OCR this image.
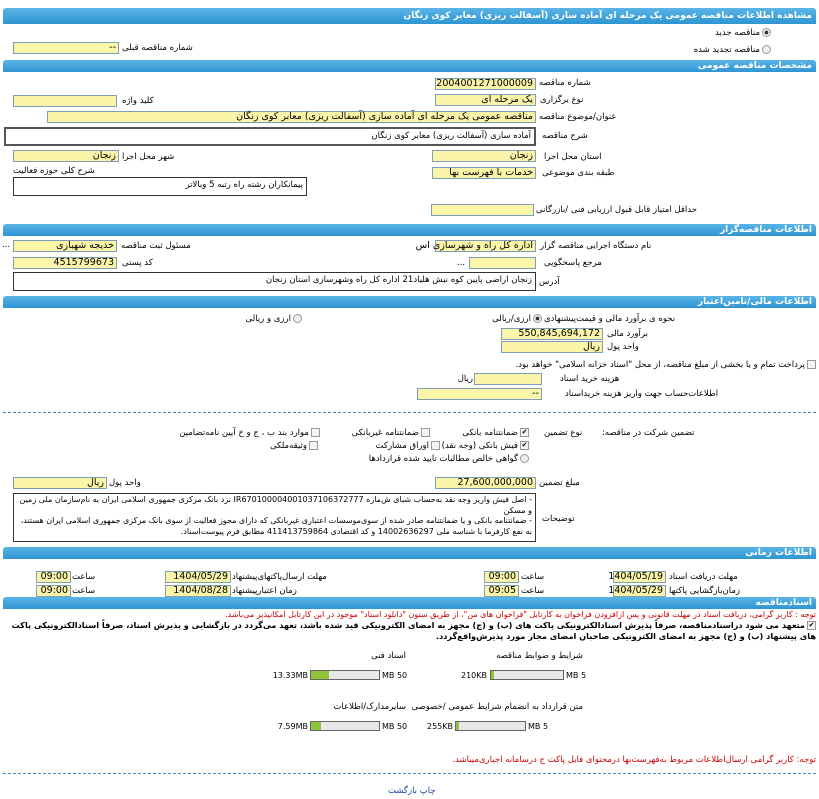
مشاهده اطلاعات مناقصه عمومی یک مرحله ای آماده سازی (آسفالت ریزی) معابر کوی زنگان
مناقصه جدید
مناقصه تجدید شده
شماره مناقصه قبلی
--
مشخصات مناقصه عمومی
شماره مناقصه
2004001271000009
نوع برگزاری
یک مرحله ای
کلید واژه
عنوان/موضوع مناقصه
مناقصه عمومی یک مرحله ای آماده سازی (آسفالت ریزی) معابر کوی زنگان
شرح مناقصه
آماده سازی (آسفالت ریزی) معابر کوی زنگان
استان محل اجرا
زنجان
شهر محل اجرا
زنجان
طبقه بندی موضوعی
خدمات با فهرست بها
شرح کلی حوزه فعالیت
پیمانکاران رشته راه رتبه 5 وبالاتر
حداقل امتیاز قابل قبول ارزیابی فنی /بازرگانی
اطلاعات مناقصه‌گزار
نام دستگاه اجرایی مناقصه گزار
اداره کل راه و شهرسازی اس
مسئول ثبت مناقصه
خدیجه شهبازی
...
مرجع پاسخگویی
...
کد پستی
4515799673
آدرس
زنجان اراضی پایین کوه نبش هلیاد21 اداره کل راه وشهرسازی استان زنجان
اطلاعات مالی/تامین‌اعتبار
نحوه ی برآورد مالی و قیمت‌پیشنهادی
ارزی/ریالی
ارزی و ریالی
برآورد مالی
550,845,694,172
واحد پول
ریال
پرداخت تمام و یا بخشی از مبلغ مناقصه، از محل "اسناد خزانه اسلامی" خواهد بود.
هزینه خرید اسناد
ریال
اطلاعات‌حساب جهت واریز هزینه خریداسناد
--
تضمین شرکت در مناقصه:
نوع تضمین
✔ضمانتنامه بانکی
ضمانتنامه غیربانکی
موارد بند ب ، ج و خ آیین نامه‌تضامین
✔فیش بانکی (وجه نقد)
اوراق مشارکت
وثیقه‌ملکی
گواهی خالص مطالبات تایید شده قراردادها
مبلغ تضمین
27,600,000,000
واحد پول
ریال
توضیحات
- اصل فیش واریز وجه نقد به‌حساب شبای ش‌ماره IR670100004001037106372777 نزد بانک مرکزی جمهوری اسلامی ایران به نام‌سازمان ملی زمین و مسکن
- ضمانتنامه بانکی و یا ضمانتنامه صادر شده از سوی‌موسسات اعتباری غیربانکی که دارای مجوز فعالیت از سوی بانک مرکزی جمهوری اسلامی ایران هستند، به نفع کارفرما با شناسه ملی 14002636297 و کد اقتصادی 411413759864 مطابق فرم پیوست‌اسناد.
اطلاعات زمانی
مهلت دریافت اسناد
1404/05/19
ساعت
09:00
مهلت ارسال‌پاکتهای‌پیشنهاد
1404/05/29
ساعت
09:00
زمان‌بازگشایی پاکتها
1404/05/29
ساعت
09:05
زمان اعتبارپیشنهاد
1404/08/28
ساعت
09:00
اسنادمناقصه
توجه : کاربر گرامی، دریافت اسناد در مهلت قانونی و پس ازافزودن فراخوان به کارتابل "فراخوان های من"، از طریق ستون "دانلود اسناد" موجود در این کارتابل امکانپذیر می‌باشد.
✔متعهد می شود دراسنادمناقصه، صرفاً پذیرش اسنادالکترونیکی پاکت های (ب) و (ج) مجهز به امضای الکترونیکی قید شده باشد، تعهد می‌گردد در بازگشایی و پذیرش اسناد، صرفاً اسنادالکترونیکی پاکت های پیشنهاد (ب) و (ج) مجهز به امضای الکترونیکی صاحبان امضای مجاز مورد پذیرش‌واقع‌گردد.
شرایط و ضوابط مناقصه
اسناد فنی
5 MB
210KB
50 MB
13.33MB
متن قرارداد به انضمام شرایط عمومی /خصوصی
سایرمدارک/اطلاعات
5 MB
255KB
50 MB
7.59MB
توجه: کاربر گرامی ارسال‌اطلاعات مربوط به‌فهرست‌بها درمحتوای فایل پاکت ج درسامانه اجباری‌میباشد.
چاپ بازگشت
